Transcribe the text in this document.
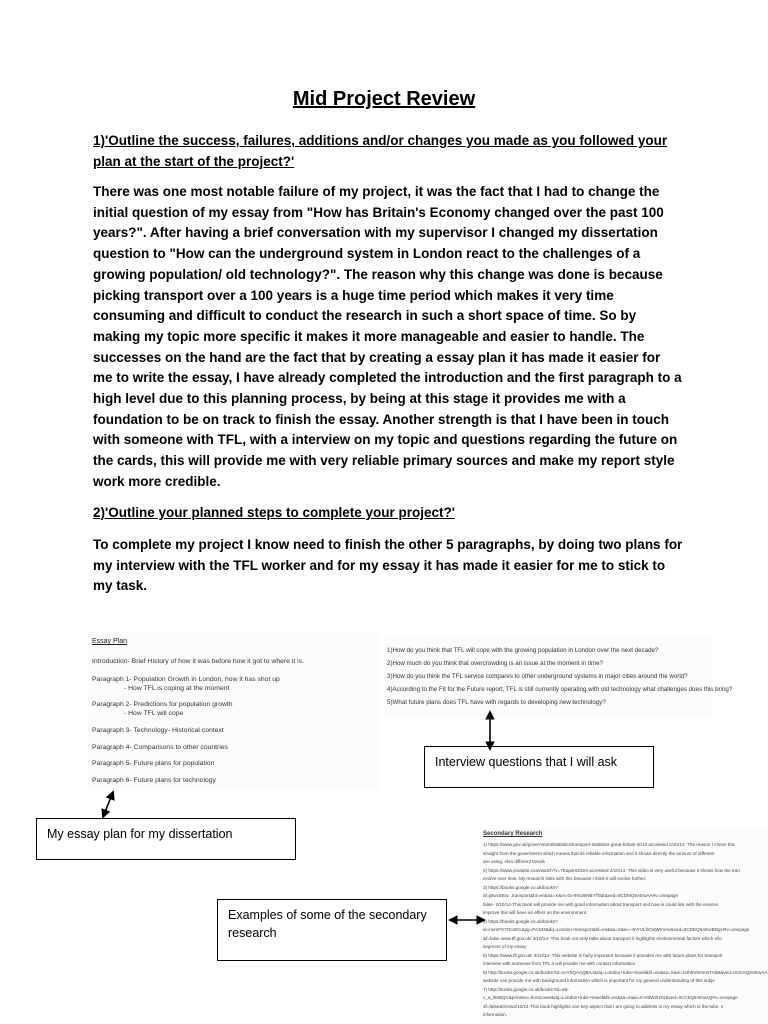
Mid Project Review
1)'Outline the success, failures, additions and/or changes you made as you followed your plan at the start of the project?'
There was one most notable failure of my project, it was the fact that I had to change the initial question of my essay from "How has Britain's Economy changed over the past 100 years?". After having a brief conversation with my supervisor I changed my dissertation question to "How can the underground system in London react to the challenges of a growing population/ old technology?". The reason why this change was done is because picking transport over a 100 years is a huge time period which makes it very time consuming and difficult to conduct the research in such a short space of time. So by making my topic more specific it makes it more manageable and easier to handle. The successes on the hand are the fact that by creating a essay plan it has made it easier for me to write the essay, I have already completed the introduction and the first paragraph to a high level due to this planning process, by being at this stage it provides me with a foundation to be on track to finish the essay. Another strength is that I have been in touch with someone with TFL, with a interview on my topic and questions regarding the future on the cards, this will provide me with very reliable primary sources and make my report style work more credible.
2)'Outline your planned steps to complete your project?'
To complete my project I know need to finish the other 5 paragraphs, by doing two plans for my interview with the TFL worker and for my essay it has made it easier for me to stick to my task.
Essay Plan
Introduction- Brief History of how it was before how it got to where it is.
Paragraph 1- Population Growth in London, how it has shot up
- How TFL is coping at the moment
Paragraph 2- Predictions for population growth
- How TFL will cope
Paragraph 3- Technology- Historical context
Paragraph 4- Comparisons to other countries
Paragraph 5- Future plans for population
Paragraph 6- Future plans for technology
1)How do you think that TFL will cope with the growing population in London over the next decade?
2)How much do you think that overcrowding is an issue at the moment in time?
3)How do you think the TFL service compares to other underground systems in major cities around the world?
4)According to the Fit for the Future report, TFL is still currently operating with old technology what challenges does this bring?
5)What future plans does TFL have with regards to developing new technology?
Interview questions that I will ask
My essay plan for my dissertation
Examples of some of the secondary research
Secondary Research
1) https://www.gov.uk/government/statistics/transport-statistics-great-britain-2013 accessed 2/10/14- The reason I chose this
straight from the government which means that its reliable information and it shows directly the amount of different
are using. Also different trends
2) https://www.youtube.com/watch?v=7Eapsr0Z3mI accessed 2/10/14- This video is very useful because it shows how the tran
evolve over time. My research links with this because I think it will evolve further.
3) https://books.google.co.uk/books?
id=jBwcEEw...transport&hl=en&sa=X&ei=0x-9VLWHBYfTaE&ved=0CDMQ6AEwAA#v=onepage
false- 2/10/14-This book will provide me with good information about transport and how is could link with the environ
improve this will have an effect on the environment.
4) https://books.google.co.uk/books?
id=hemFX7OcnEC&pg=PA343&dq=London+transport&hl=en&sa=X&ei=-4hYVLfnOqWrmAe&ved=0CDEQ6AEwBDgU#v=onepage
&f=false www.tfl.gov.uk/ 3/10/14- This book not only talks about transport it highlights environmental factors which sho
segment of my essay
5) https://www.tfl.gov.uk/ 3/10/14- This website is fairly important because it provides me with future plans for transport
interview with someone from TFL it will provide me with contact information
6) http://books.google.co.uk/books?id=vuYhQAAQBAJ&dq=London+tube+travel&hl=en&sa=X&ei=b4h9VIrmmsTAbB&ved=0CDAQ6AEwAA
website can provide me with background information which is important for my general understanding of this subje
7) http://books.google.co.uk/books?id=eB-
c_a_l6sBQC&printsec=frontcover&dq=London+tube+travel&hl=en&sa=X&ei=KVIdWZtDG&ved=0CCkQ6AEwAQ#v=onepage
3f=false&Grow3/10/14-This book highlights one key aspect that I am going to address in my essay which is the tube, s
information.
